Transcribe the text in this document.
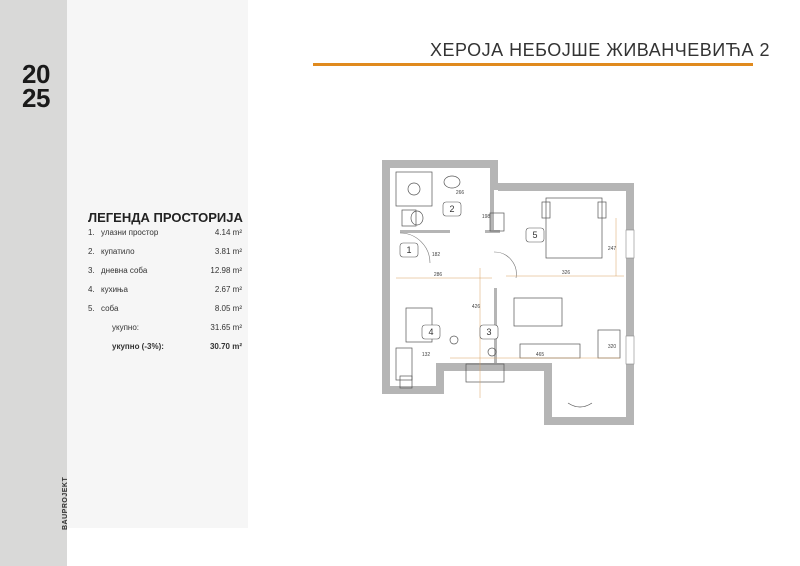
20
25
BAUPROJEKT
ХЕРОЈА НЕБОЈШЕ ЖИВАНЧЕВИЋА 2
ЛЕГЕНДА ПРОСТОРИЈА
1. улазни простор	4.14 m²
2. купатило	3.81 m²
3. дневна соба	12.98 m²
4. кухиња	2.67 m²
5. соба	8.05 m²
укупно:	31.65 m²
укупно (-3%):	30.70 m²
1
2
3
4
5
266
198
286	326
247
182
426
465
132
320
